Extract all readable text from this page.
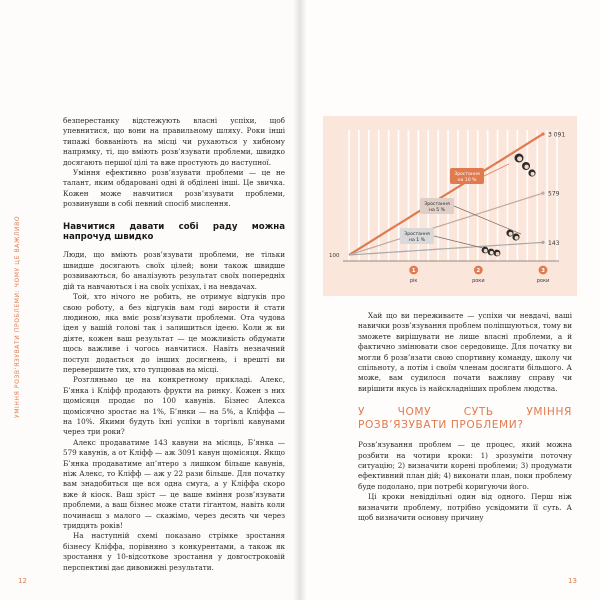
УМІННЯ РОЗВ’ЯЗУВАТИ ПРОБЛЕМИ: ЧОМУ ЦЕ ВАЖЛИВО

безперестанку відстежують власні успіхи, щоб упевнитися, що вони на правильному шляху. Роки інші типажі бовваніють на місці чи рухаються у хибному напрямку, ті, що вміють розв’язувати проблеми, швидко досягають першої цілі та вже простують до наступної.

Уміння ефективно розв’язувати проблеми — це не талант, яким обдаровані одні й обділені інші. Це звичка. Кожен може навчитися розв’язувати проблеми, розвинувши в собі певний спосіб мислення.

Навчитися давати собі раду можна напрочуд швидко

Люди, що вміють розв’язувати проблеми, не тільки швидше досягають своїх цілей; вони також швидше розвиваються, бо аналізують результат своїх попередніх дій та навчаються і на своїх успіхах, і на невдачах.

Той, хто нічого не робить, не отримує відгуків про свою роботу, а без відгуків вам годі вирости й стати людиною, яка вміє розв’язувати проблеми. Ота чудова ідея у вашій голові так і залишиться ідеєю. Коли ж ви діяте, кожен ваш результат — це можливість обдумати щось важливе і чогось навчитися. Навіть незначний поступ додається до інших досягнень, і врешті ви перевершите тих, хто тупцював на місці.

Розгляньмо це на конкретному прикладі. Алекс, Б’янка і Кліфф продають фрукти на ринку. Кожен з них щомісяця продає по 100 кавунів. Бізнес Алекса щомісячно зростає на 1%, Б’янки — на 5%, а Кліффа — на 10%. Якими будуть їхні успіхи в торгівлі кавунами через три роки?

Алекс продаватиме 143 кавуни на місяць, Б’янка — 579 кавунів, а от Кліфф — аж 3091 кавун щомісяця. Якщо Б’янка продаватиме ап’ятеро з лишком більше кавунів, ніж Алекс, то Кліфф — аж у 22 рази більше. Для початку вам знадобиться ще вся одна смуга, а у Кліффа скоро вже й кіоск. Ваш зріст — це ваше вміння розв’язувати проблеми, а ваш бізнес може стати гігантом, навіть коли починаєш з малого — скажімо, через десять чи через тридцять років!

На наступній схемі показано стрімке зростання бізнесу Кліффа, порівняно з конкурентами, а також як зростання у 10-відсоткове зростання у довгостроковій перспективі дає дивовижні результати.

12
3 091
579
143
100
Зростання
на 10 %
Зростання
на 5 %
Зростання
на 1 %
1
рік
2
роки
3
роки

Хай що ви переживаєте — успіхи чи невдачі, ваші навички розв’язування проблем поліпшуються, тому ви зможете вирішувати не лише власні проблеми, а й фактично змінювати своє середовище. Для початку ви могли б розв’язати свою спортивну команду, школу чи спільноту, а потім і своїм членам досягати більшого. А може, вам судилося почати важливу справу чи вирішити якусь із найскладніших проблем людства.

У ЧОМУ СУТЬ УМІННЯ РОЗВ’ЯЗУВАТИ ПРОБЛЕМИ?

Розв’язування проблем — це процес, який можна розбити на чотири кроки: 1) зрозуміти поточну ситуацію; 2) визначити корені проблеми; 3) продумати ефективний план дій; 4) виконати план, поки проблему буде подолано, при потребі коригуючи його.

Ці кроки невіддільні один від одного. Перш ніж визначити проблему, потрібно усвідомити її суть. А щоб визначити основну причину

13
